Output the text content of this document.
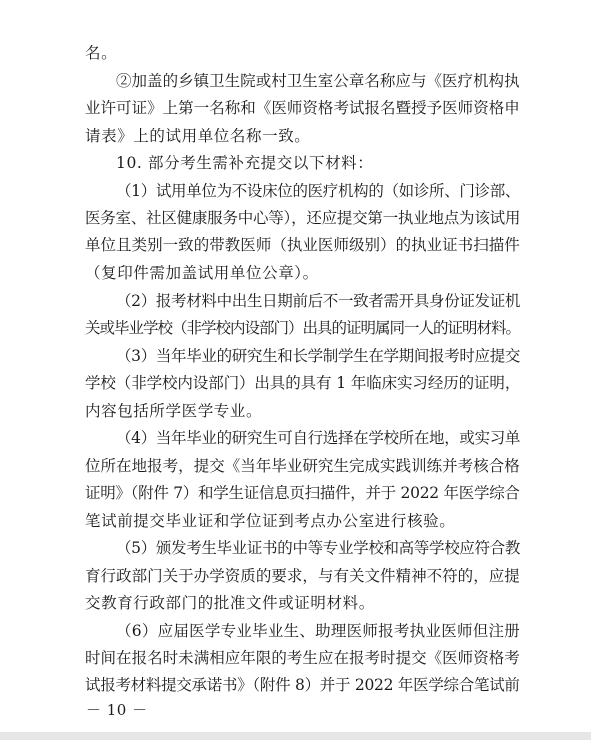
名。
②加盖的乡镇卫生院或村卫生室公章名称应与《医疗机构执
业许可证》上第一名称和《医师资格考试报名暨授予医师资格申
请表》上的试用单位名称一致。
10. 部分考生需补充提交以下材料：
（1）试用单位为不设床位的医疗机构的（如诊所、门诊部、
医务室、社区健康服务中心等），还应提交第一执业地点为该试用
单位且类别一致的带教医师（执业医师级别）的执业证书扫描件
（复印件需加盖试用单位公章）。
（2）报考材料中出生日期前后不一致者需开具身份证发证机
关或毕业学校（非学校内设部门）出具的证明属同一人的证明材料。
（3）当年毕业的研究生和长学制学生在学期间报考时应提交
学校（非学校内设部门）出具的具有 1 年临床实习经历的证明，
内容包括所学医学专业。
（4）当年毕业的研究生可自行选择在学校所在地，或实习单
位所在地报考，提交《当年毕业研究生完成实践训练并考核合格
证明》（附件 7）和学生证信息页扫描件，并于 2022 年医学综合
笔试前提交毕业证和学位证到考点办公室进行核验。
（5）颁发考生毕业证书的中等专业学校和高等学校应符合教
育行政部门关于办学资质的要求，与有关文件精神不符的，应提
交教育行政部门的批准文件或证明材料。
（6）应届医学专业毕业生、助理医师报考执业医师但注册
时间在报名时未满相应年限的考生应在报考时提交《医师资格考
试报考材料提交承诺书》（附件 8）并于 2022 年医学综合笔试前
－ 10 －
